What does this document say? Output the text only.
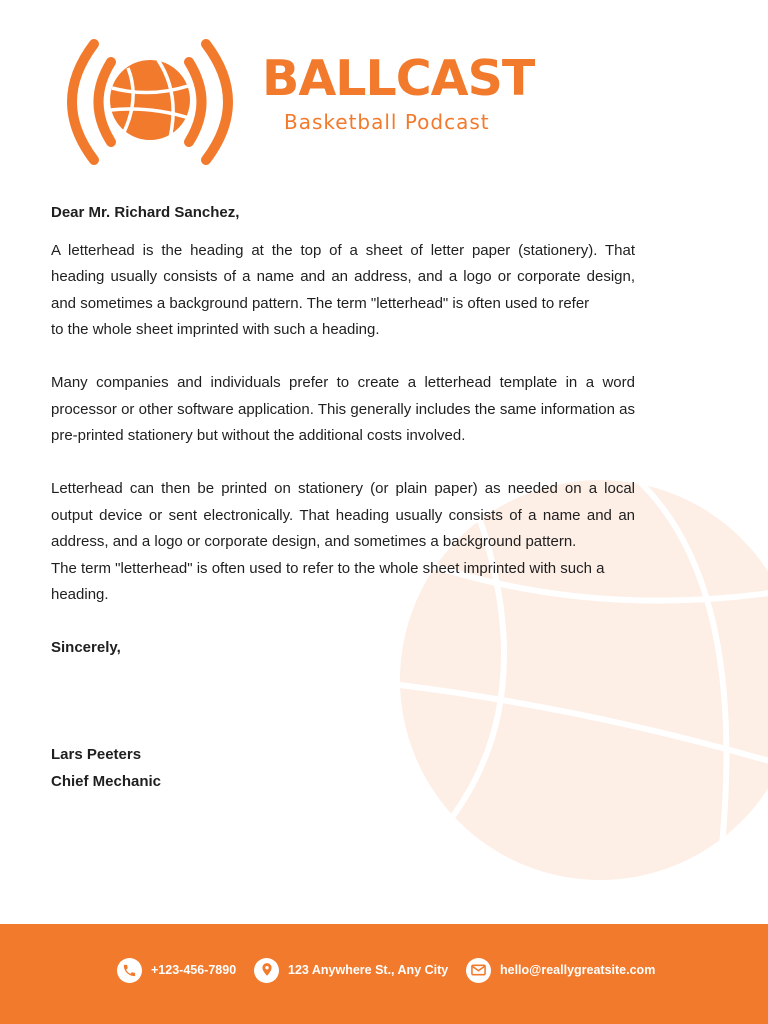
BALLCAST
Basketball Podcast
Dear Mr. Richard Sanchez,
A letterhead is the heading at the top of a sheet of letter paper (stationery). That heading usually consists of a name and an address, and a logo or corporate design, and sometimes a background pattern. The term "letterhead" is often used to refer
to the whole sheet imprinted with such a heading.
Many companies and individuals prefer to create a letterhead template in a word processor or other software application. This generally includes the same information as pre-printed stationery but without the additional costs involved.
Letterhead can then be printed on stationery (or plain paper) as needed on a local output device or sent electronically. That heading usually consists of a name and an address, and a logo or corporate design, and sometimes a background pattern.
The term "letterhead" is often used to refer to the whole sheet imprinted with such a heading.
Sincerely,
Lars Peeters
Chief Mechanic
+123-456-7890	123 Anywhere St., Any City	hello@reallygreatsite.com
